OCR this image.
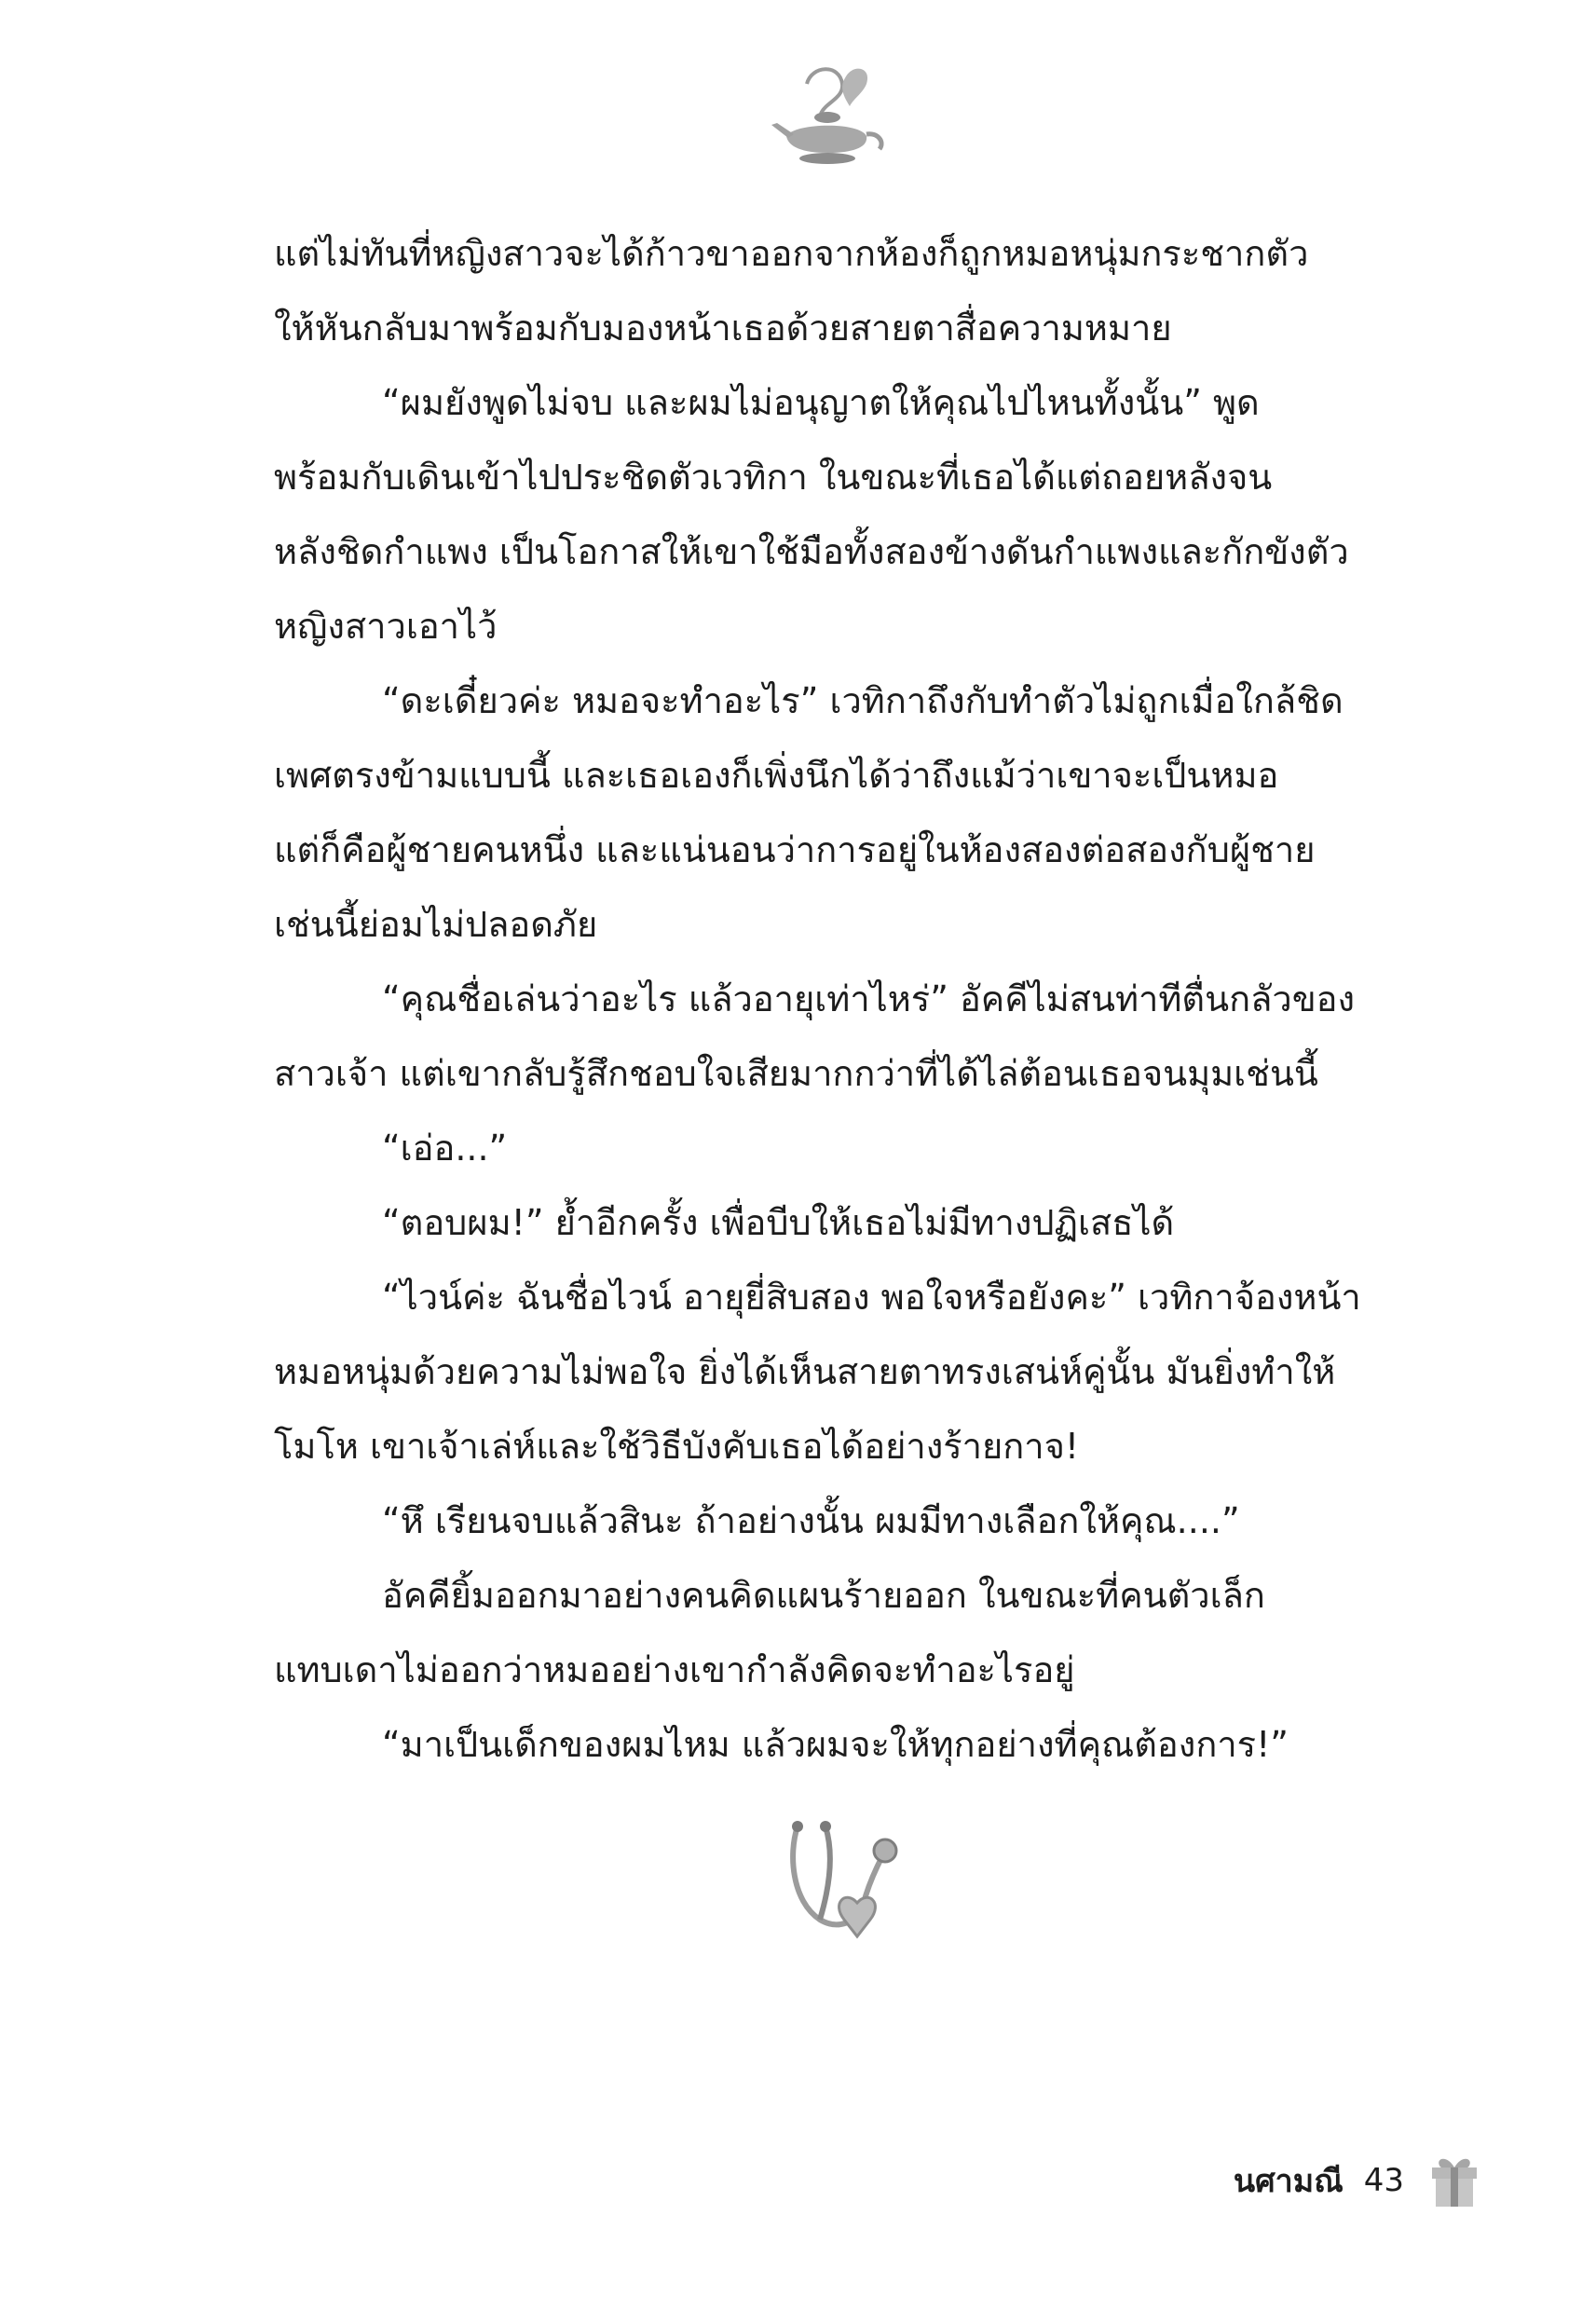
แต่ไม่ทันที่หญิงสาวจะได้ก้าวขาออกจากห้องก็ถูกหมอหนุ่มกระชากตัว
ให้หันกลับมาพร้อมกับมองหน้าเธอด้วยสายตาสื่อความหมาย
“ผมยังพูดไม่จบ และผมไม่อนุญาตให้คุณไปไหนทั้งนั้น” พูด
พร้อมกับเดินเข้าไปประชิดตัวเวทิกา ในขณะที่เธอได้แต่ถอยหลังจน
หลังชิดกำแพง เป็นโอกาสให้เขาใช้มือทั้งสองข้างดันกำแพงและกักขังตัว
หญิงสาวเอาไว้
“ดะเดี๋ยวค่ะ หมอจะทำอะไร” เวทิกาถึงกับทำตัวไม่ถูกเมื่อใกล้ชิด
เพศตรงข้ามแบบนี้ และเธอเองก็เพิ่งนึกได้ว่าถึงแม้ว่าเขาจะเป็นหมอ
แต่ก็คือผู้ชายคนหนึ่ง และแน่นอนว่าการอยู่ในห้องสองต่อสองกับผู้ชาย
เช่นนี้ย่อมไม่ปลอดภัย
“คุณชื่อเล่นว่าอะไร แล้วอายุเท่าไหร่” อัคคีไม่สนท่าทีตื่นกลัวของ
สาวเจ้า แต่เขากลับรู้สึกชอบใจเสียมากกว่าที่ได้ไล่ต้อนเธอจนมุมเช่นนี้
“เอ่อ...”
“ตอบผม!” ย้ำอีกครั้ง เพื่อบีบให้เธอไม่มีทางปฏิเสธได้
“ไวน์ค่ะ ฉันชื่อไวน์ อายุยี่สิบสอง พอใจหรือยังคะ” เวทิกาจ้องหน้า
หมอหนุ่มด้วยความไม่พอใจ ยิ่งได้เห็นสายตาทรงเสน่ห์คู่นั้น มันยิ่งทำให้
โมโห เขาเจ้าเล่ห์และใช้วิธีบังคับเธอได้อย่างร้ายกาจ!
“หึ เรียนจบแล้วสินะ ถ้าอย่างนั้น ผมมีทางเลือกให้คุณ....”
อัคคียิ้มออกมาอย่างคนคิดแผนร้ายออก ในขณะที่คนตัวเล็ก
แทบเดาไม่ออกว่าหมออย่างเขากำลังคิดจะทำอะไรอยู่
“มาเป็นเด็กของผมไหม แล้วผมจะให้ทุกอย่างที่คุณต้องการ!”
นศามณี 43
